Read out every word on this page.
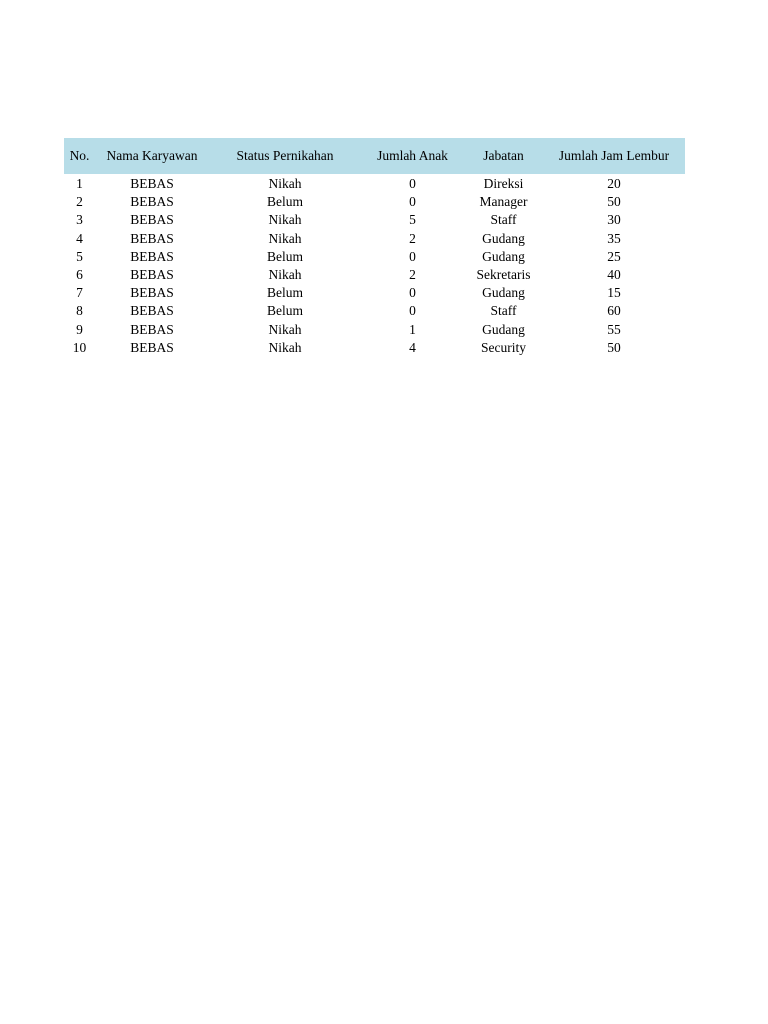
No.	Nama Karyawan	Status Pernikahan	Jumlah Anak	Jabatan	Jumlah Jam Lembur

1	BEBAS	Nikah	0	Direksi	20
2	BEBAS	Belum	0	Manager	50
3	BEBAS	Nikah	5	Staff	30
4	BEBAS	Nikah	2	Gudang	35
5	BEBAS	Belum	0	Gudang	25
6	BEBAS	Nikah	2	Sekretaris	40
7	BEBAS	Belum	0	Gudang	15
8	BEBAS	Belum	0	Staff	60
9	BEBAS	Nikah	1	Gudang	55
10	BEBAS	Nikah	4	Security	50
